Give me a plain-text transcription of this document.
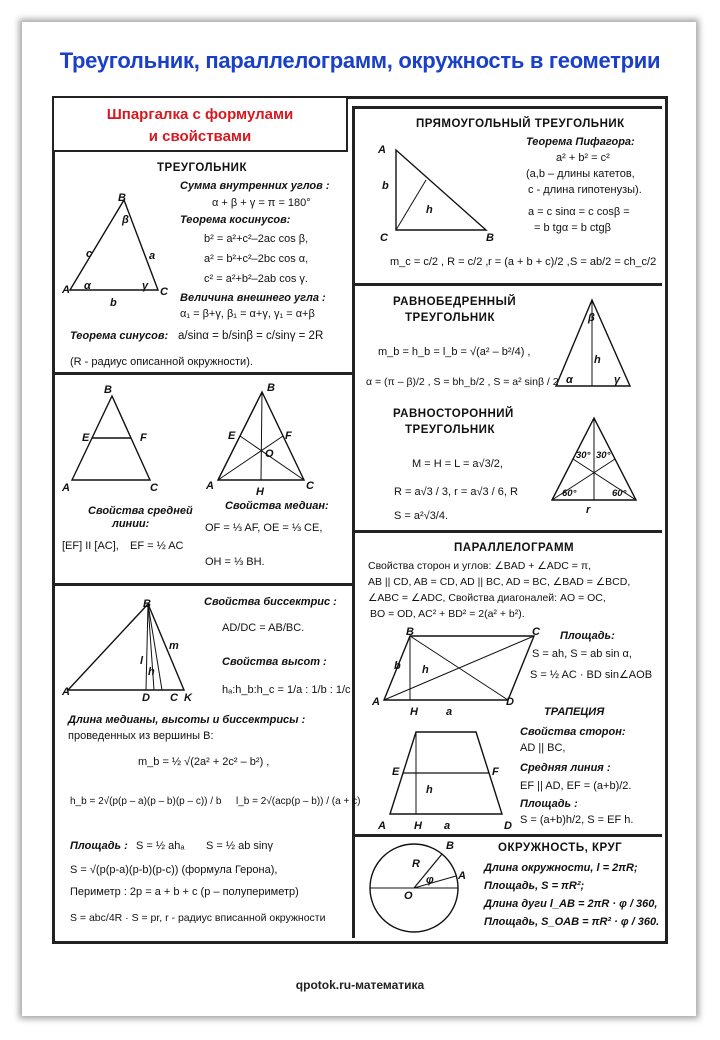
Треугольник, параллелограмм, окружность в геометрии
Шпаргалка с формулами
и свойствами
ТРЕУГОЛЬНИК
B
β
c	a
A α	γ C
b
Сумма внутренних углов :
α + β + γ = π = 180°
Теорема косинусов:
b² = a²+c²–2ac cos β,
a² = b²+c²–2bc cos α,
c² = a²+b²–2ab cos γ.
Величина внешнего угла :
α₁ = β+γ, β₁ = α+γ, γ₁ = α+β
Теорема синусов: a/sinα = b/sinβ = c/sinγ = 2R
(R - радиус описанной окружности).
B
E	F
A	C
Свойства средней
линии:
[EF] II [AC], EF = ½ AC
B
E	F
O
A	H	C
Свойства медиан:
OF = ⅓ AF, OE = ⅓ CE,
OH = ⅓ BH.
B
l
h
m
A	D C K
Свойства биссектрис :
AD/DC = AB/BC.
Свойства высот :
hₐ:h_b:h_c = 1/a : 1/b : 1/c
Длина медианы, высоты и биссектрисы :
проведенных из вершины В:
m_b = ½ √(2a² + 2c² – b²) ,
h_b = 2√(p(p – a)(p – b)(p – c)) / b l_b = 2√(acp(p – b)) / (a + c)
Площадь : S = ½ ahₐ S = ½ ab sinγ
S = √(p(p-a)(p-b)(p-c)) (формула Герона),
Периметр : 2p = a + b + c (p – полупериметр)
S = abc/4R · S = pr, r - радиус вписанной окружности
ПРЯМОУГОЛЬНЫЙ ТРЕУГОЛЬНИК
A
b
h
C	B
Теорема Пифагора:
a² + b² = c²
(a,b – длины катетов,
c - длина гипотенузы).
a = c sinα = c cosβ =
= b tgα = b ctgβ
m_c = c/2 , R = c/2 , r = (a + b + c)/2 , S = ab/2 = ch_c/2
РАВНОБЕДРЕННЫЙ
ТРЕУГОЛЬНИК	β
h
α	γ
m_b = h_b = l_b = √(a² – b²/4) ,
α = (π – β)/2 , S = bh_b/2 , S = a² sinβ / 2
РАВНОСТОРОННИЙ
ТРЕУГОЛЬНИК
30° 30°
60°	60°
r
M = H = L = a√3/2,
R = a√3 / 3, r = a√3 / 6, R
S = a²√3/4.
ПАРАЛЛЕЛОГРАММ
Свойства сторон и углов: ∠BAD + ∠ADC = π,
AB || CD, AB = CD, AD || BC, AD = BC, ∠BAD = ∠BCD,
∠ABC = ∠ADC, Свойства диагоналей: AO = OC,
BO = OD, AC² + BD² = 2(a² + b²).
B	C
h
b
A
H	a
D
Площадь:
S = ah, S = ab sin α,
S = ½ AC · BD sin∠AOB
E	F
h
A	H a	D
ТРАПЕЦИЯ
Свойства сторон:
AD || BC,
Средняя линия :
EF || AD, EF = (a+b)/2.
Площадь :
S = (a+b)h/2, S = EF h.
B
R
φ
O
A
ОКРУЖНОСТЬ, КРУГ
Длина окружности, l = 2πR;
Площадь, S = πR²;
Длина дуги l_AB = 2πR · φ / 360,
Площадь, S_OAB = πR² · φ / 360.
qpotok.ru-математика
